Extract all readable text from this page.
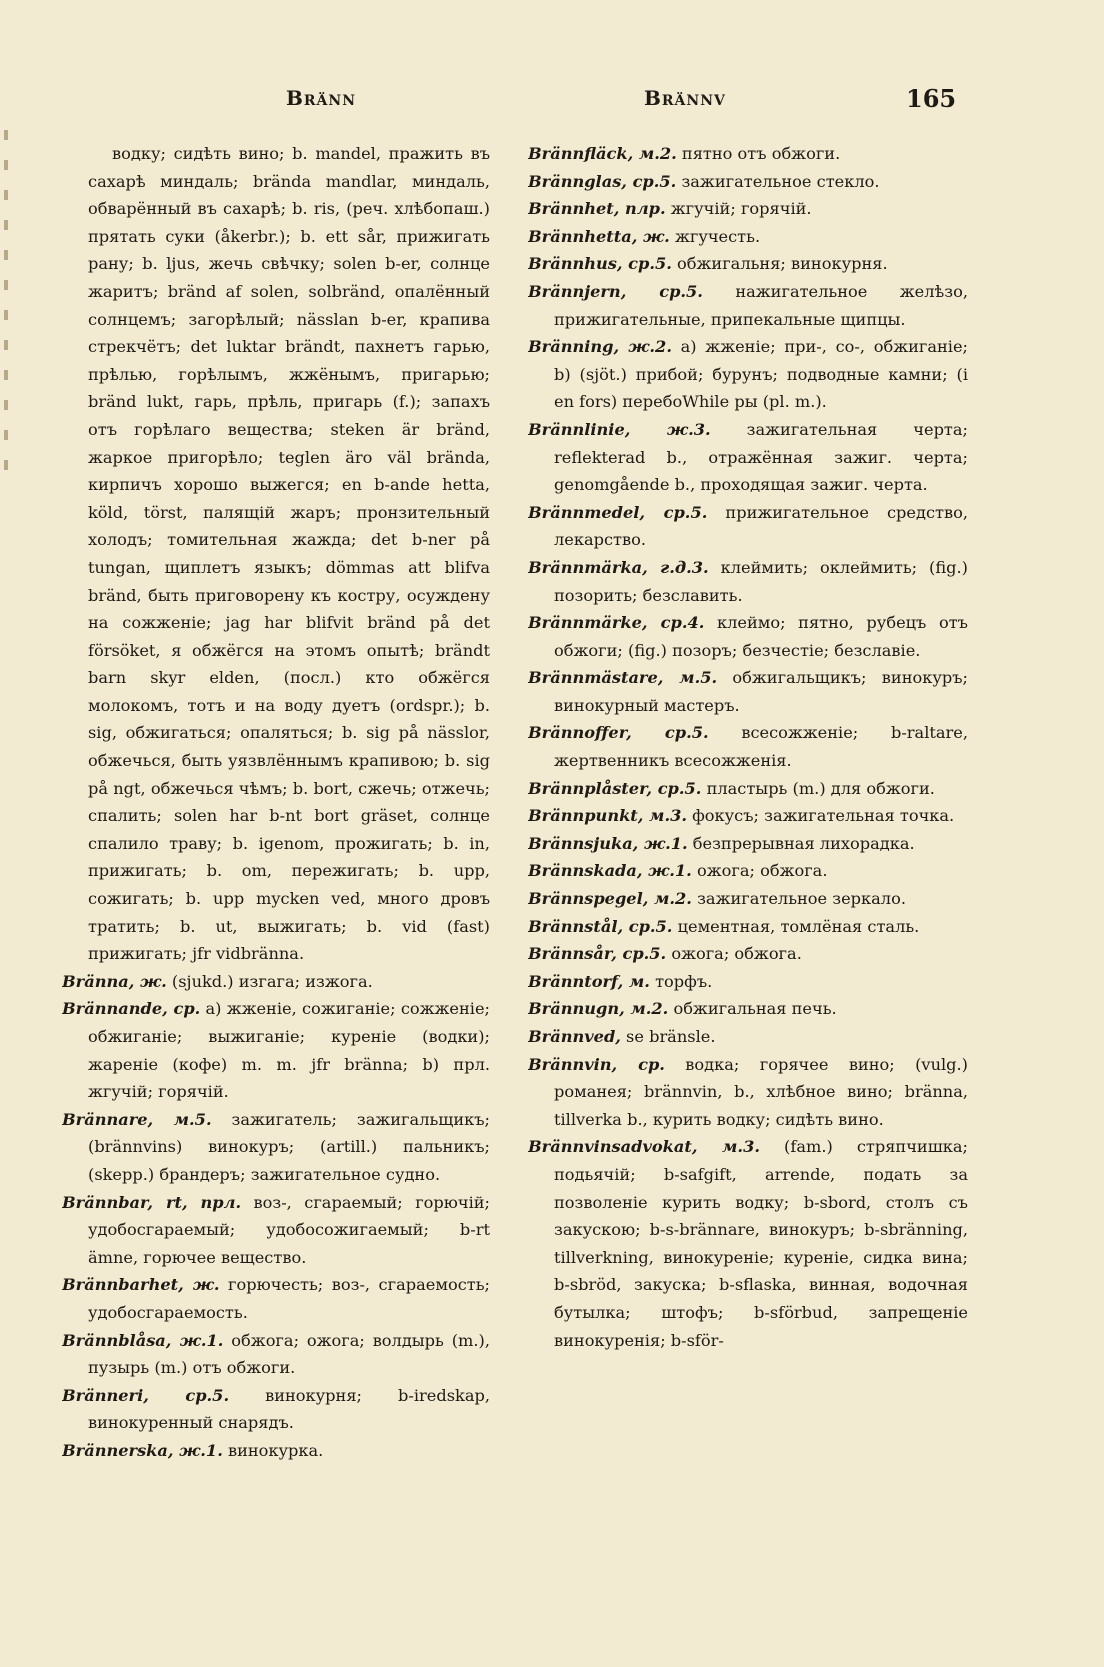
Bränn	Brännv	165

водку; сидѣть вино; b. mandel, пражить въ сахарѣ миндаль; brända mandlar, миндаль, обварённый въ сахарѣ; b. ris, (реч. хлѣбопаш.) прятать суки (åkerbr.); b. ett sår, прижигать рану; b. ljus, жечь свѣчку; solen b-er, солнце жаритъ; bränd af solen, solbränd, опалённый солнцемъ; загорѣлый; nässlan b-er, крапива стрекчётъ; det luktar brändt, пахнетъ гарью, прѣлью, горѣлымъ, жжёнымъ, пригарью; bränd lukt, гарь, прѣль, пригарь (f.); запахъ отъ горѣлаго вещества; steken är bränd, жаркое пригорѣло; teglen äro väl brända, кирпичъ хорошо выжегся; en b-ande hetta, köld, törst, палящій жаръ; пронзительный холодъ; томительная жажда; det b-ner på tungan, щиплетъ языкъ; dömmas att blifva bränd, быть приговорену къ костру, осуждену на сожженіе; jag har blifvit bränd på det försöket, я обжёгся на этомъ опытѣ; brändt barn skyr elden, (посл.) кто обжёгся молокомъ, тотъ и на воду дуетъ (ordspr.); b. sig, обжигаться; опаляться; b. sig på nässlor, обжечься, быть уязвлённымъ крапивою; b. sig på ngt, обжечься чѣмъ; b. bort, сжечь; отжечь; спалить; solen har b-nt bort gräset, солнце спалило траву; b. igenom, прожигать; b. in, прижигать; b. om, пережигать; b. upp, сожигать; b. upp mycken ved, много дровъ тратить; b. ut, выжигать; b. vid (fast) прижигать; jfr vidbränna.

Bränna, ж. (sjukd.) изгага; изжога.

Brännande, ср. a) жженіе, сожиганіе; сожженіе; обжиганіе; выжиганіе; куреніе (водки); жареніе (кофе) m. m. jfr bränna; b) прл. жгучій; горячій.

Brännare, м.5. зажигатель; зажигальщикъ; (brännvins) винокуръ; (artill.) пальникъ; (skepp.) брандеръ; зажигательное судно.

Brännbar, rt, прл. воз-, сгараемый; горючій; удобосгараемый; удобосожигаемый; b-rt ämne, горючее вещество.

Brännbarhet, ж. горючесть; воз-, сгараемость; удобосгараемость.

Brännblåsa, ж.1. обжога; ожога; волдырь (m.), пузырь (m.) отъ обжоги.

Bränneri, ср.5. винокурня; b-iredskap, винокуренный снарядъ.

Brännerska, ж.1. винокурка.

Brännfläck, м.2. пятно отъ обжоги.

Brännglas, ср.5. зажигательное стекло.

Brännhet, плр. жгучій; горячій.

Brännhetta, ж. жгучесть.

Brännhus, ср.5. обжигальня; винокурня.

Brännjern, ср.5. нажигательное желѣзо, прижигательные, припекальные щипцы.

Bränning, ж.2. a) жженіе; при-, со-, обжиганіе; b) (sjöt.) прибой; бурунъ; подводные камни; (i en fors) перебоWhile ры (pl. m.).

Brännlinie, ж.3. зажигательная черта; reflekterad b., отражённая зажиг. черта; genomgående b., проходящая зажиг. черта.

Brännmedel, ср.5. прижигательное средство, лекарство.

Brännmärka, г.д.3. клеймить; оклеймить; (fig.) позорить; безславить.

Brännmärke, ср.4. клеймо; пятно, рубецъ отъ обжоги; (fig.) позоръ; безчестіе; безславіе.

Brännmästare, м.5. обжигальщикъ; винокуръ; винокурный мастеръ.

Brännoffer, ср.5. всесожженіе; b-raltare, жертвенникъ всесожженія.

Brännplåster, ср.5. пластырь (m.) для обжоги.

Brännpunkt, м.3. фокусъ; зажигательная точка.

Brännsjuka, ж.1. безпрерывная лихорадка.

Brännskada, ж.1. ожога; обжога.

Brännspegel, м.2. зажигательное зеркало.

Brännstål, ср.5. цементная, томлёная сталь.

Brännsår, ср.5. ожога; обжога.

Bränntorf, м. торфъ.

Brännugn, м.2. обжигальная печь.

Brännved, se bränsle.

Brännvin, ср. водка; горячее вино; (vulg.) романея; brännvin, b., хлѣбное вино; bränna, tillverka b., курить водку; сидѣть вино.

Brännvinsadvokat, м.3. (fam.) стряпчишка; подьячій; b-safgift, arrende, подать за позволеніе курить водку; b-sbord, столъ съ закускою; b-s-brännare, винокуръ; b-sbränning, tillverkning, винокуреніе; куреніе, сидка вина; b-sbröd, закуска; b-sflaska, винная, водочная бутылка; штофъ; b-sförbud, запрещеніе винокуренія; b-sför-
